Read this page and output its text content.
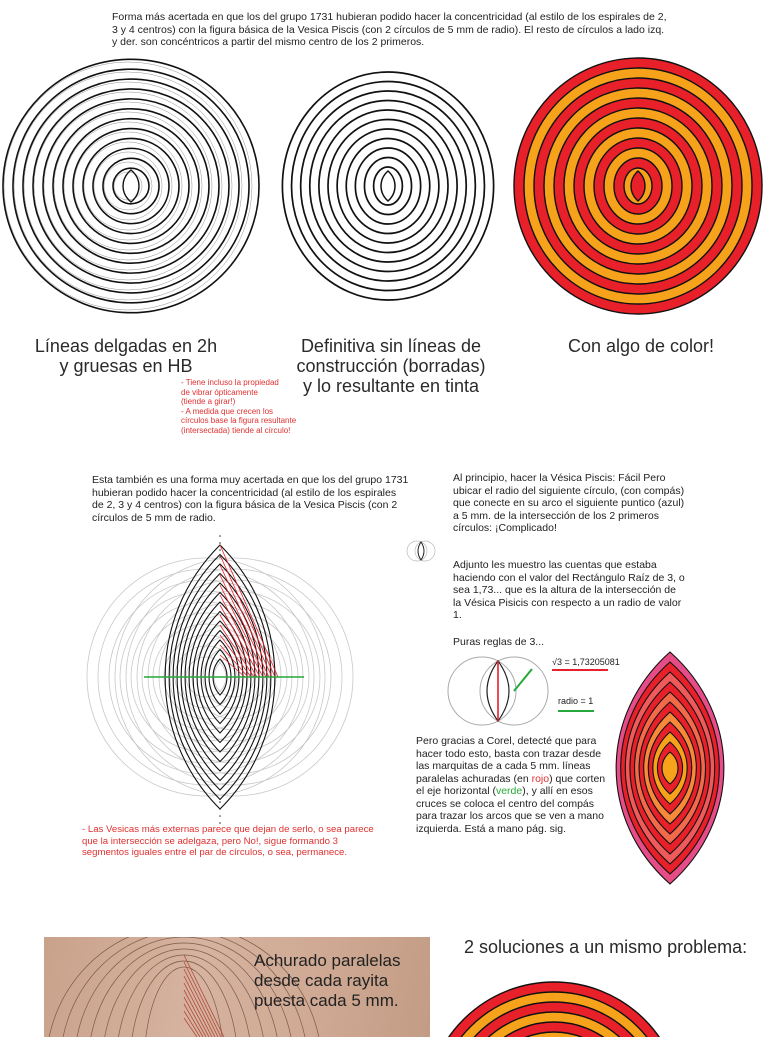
Forma más acertada en que los del grupo 1731 hubieran podido hacer la concentricidad (al estilo de los espirales de 2, 3 y 4 centros) con la figura básica de la Vesica Piscis (con 2 círculos de 5 mm de radio). El resto de círculos a lado izq. y der. son concéntricos a partir del mismo centro de los 2 primeros.
Líneas delgadas en 2h
y gruesas en HB
Definitiva sin líneas de
construcción (borradas)
y lo resultante en tinta
Con algo de color!
- Tiene incluso la propiedad
de vibrar ópticamente
(tiende a girar!)
- A medida que crecen los
círculos base la figura resultante
(intersectada) tiende al círculo!
Esta también es una forma muy acertada en que los del grupo 1731 hubieran podido hacer la concentricidad (al estilo de los espirales de 2, 3 y 4 centros) con la figura básica de la Vesica Piscis (con 2 círculos de 5 mm de radio.
Al principio, hacer la Vésica Piscis: Fácil Pero ubicar el radio del siguiente círculo, (con compás) que conecte en su arco el siguiente puntico (azul) a 5 mm. de la intersección de los 2 primeros círculos: ¡Complicado!
Adjunto les muestro las cuentas que estaba haciendo con el valor del Rectángulo Raíz de 3, o sea 1,73... que es la altura de la intersección de la Vésica Pisicis con respecto a un radio de valor 1.
Puras reglas de 3...
√3 = 1,73205081
radio = 1
Pero gracias a Corel, detecté que para hacer todo esto, basta con trazar desde las marquitas de a cada 5 mm. líneas paralelas achuradas (en rojo) que corten el eje horizontal (verde), y allí en esos cruces se coloca el centro del compás para trazar los arcos que se ven a mano izquierda. Está a mano pág. sig.
- Las Vesicas más externas parece que dejan de serlo, o sea parece que la intersección se adelgaza, pero No!, sigue formando 3 segmentos iguales entre el par de círculos, o sea, permanece.
Achurado paralelas
desde cada rayita
puesta cada 5 mm.
2 soluciones a un mismo problema:
